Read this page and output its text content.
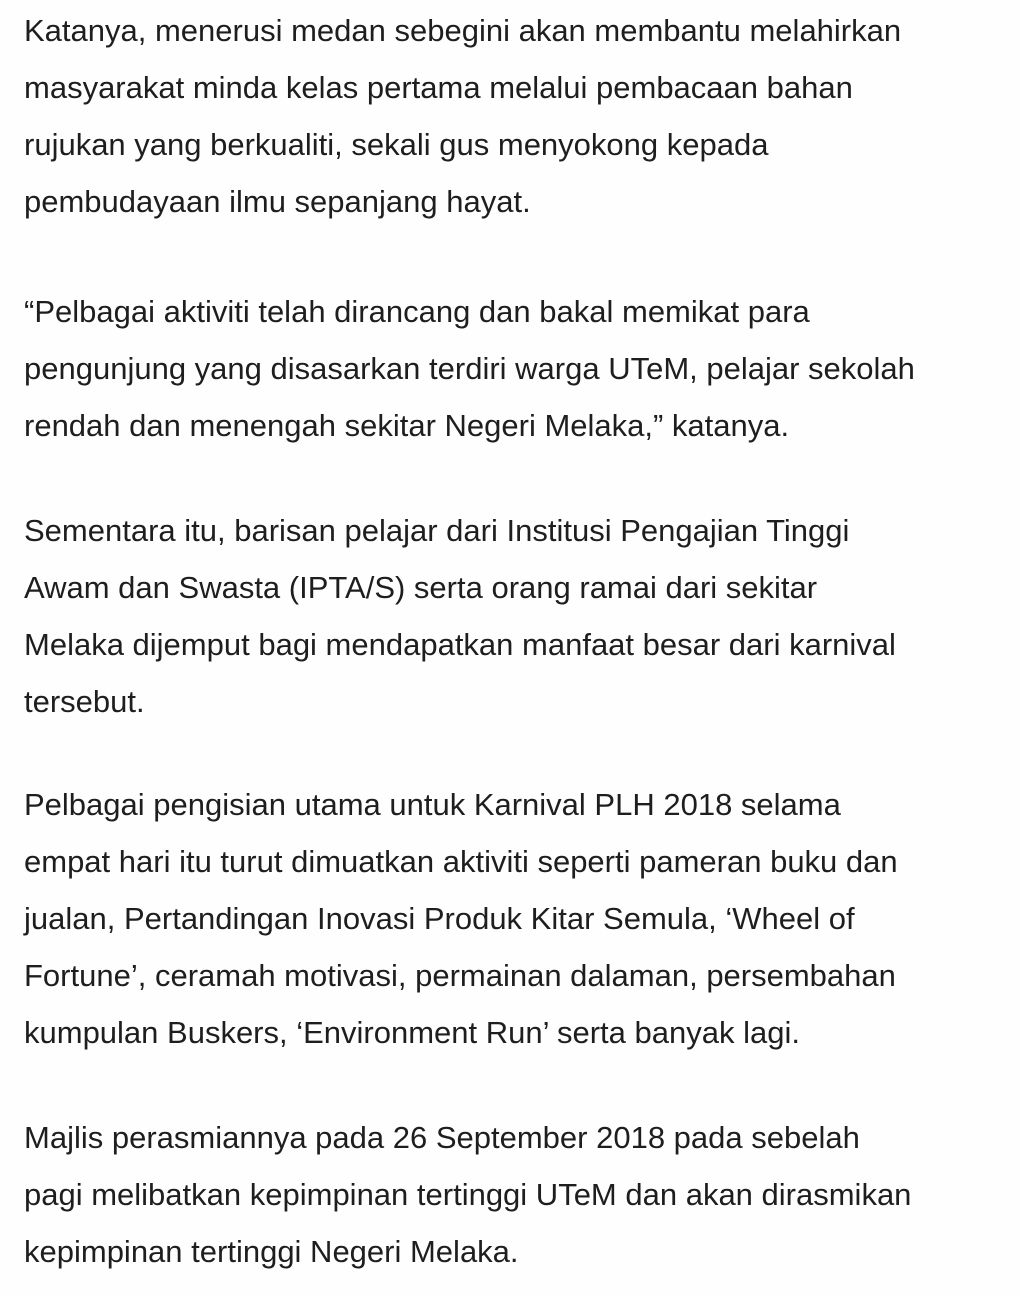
Katanya, menerusi medan sebegini akan membantu melahirkan
masyarakat minda kelas pertama melalui pembacaan bahan
rujukan yang berkualiti, sekali gus menyokong kepada
pembudayaan ilmu sepanjang hayat.

“Pelbagai aktiviti telah dirancang dan bakal memikat para
pengunjung yang disasarkan terdiri warga UTeM, pelajar sekolah
rendah dan menengah sekitar Negeri Melaka,” katanya.

Sementara itu, barisan pelajar dari Institusi Pengajian Tinggi
Awam dan Swasta (IPTA/S) serta orang ramai dari sekitar
Melaka dijemput bagi mendapatkan manfaat besar dari karnival
tersebut.

Pelbagai pengisian utama untuk Karnival PLH 2018 selama
empat hari itu turut dimuatkan aktiviti seperti pameran buku dan
jualan, Pertandingan Inovasi Produk Kitar Semula, ‘Wheel of
Fortune’, ceramah motivasi, permainan dalaman, persembahan
kumpulan Buskers, ‘Environment Run’ serta banyak lagi.

Majlis perasmiannya pada 26 September 2018 pada sebelah
pagi melibatkan kepimpinan tertinggi UTeM dan akan dirasmikan
kepimpinan tertinggi Negeri Melaka.
